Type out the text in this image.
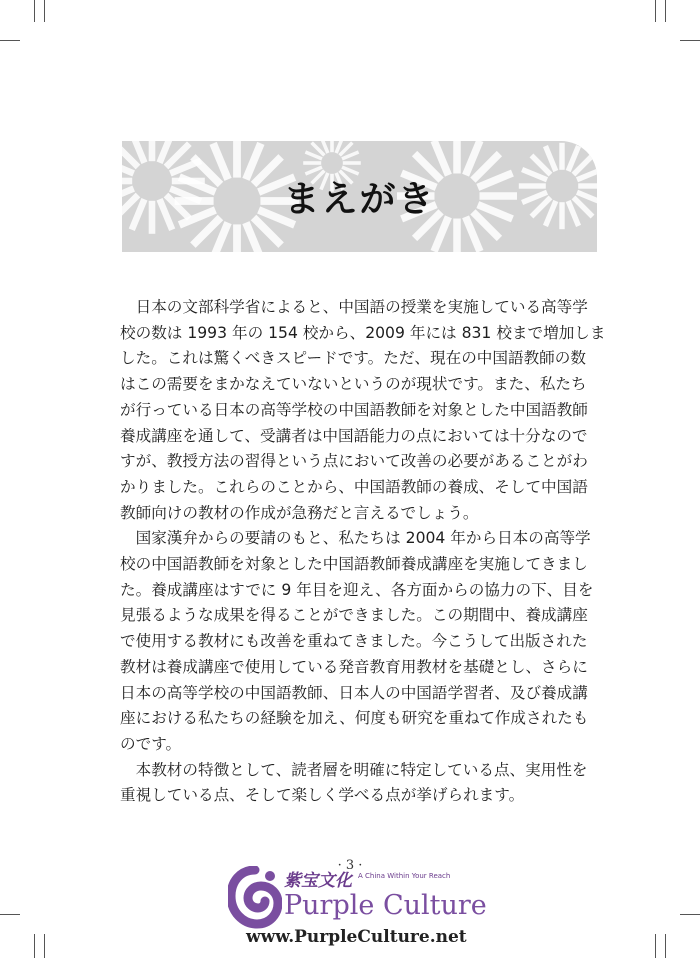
まえがき

　日本の文部科学省によると、中国語の授業を実施している高等学
校の数は 1993 年の 154 校から、2009 年には 831 校まで増加しま
した。これは驚くべきスピードです。ただ、現在の中国語教師の数
はこの需要をまかなえていないというのが現状です。また、私たち
が行っている日本の高等学校の中国語教師を対象とした中国語教師
養成講座を通して、受講者は中国語能力の点においては十分なので
すが、教授方法の習得という点において改善の必要があることがわ
かりました。これらのことから、中国語教師の養成、そして中国語
教師向けの教材の作成が急務だと言えるでしょう。

　国家漢弁からの要請のもと、私たちは 2004 年から日本の高等学
校の中国語教師を対象とした中国語教師養成講座を実施してきまし
た。養成講座はすでに 9 年目を迎え、各方面からの協力の下、目を
見張るような成果を得ることができました。この期間中、養成講座
で使用する教材にも改善を重ねてきました。今こうして出版された
教材は養成講座で使用している発音教育用教材を基礎とし、さらに
日本の高等学校の中国語教師、日本人の中国語学習者、及び養成講
座における私たちの経験を加え、何度も研究を重ねて作成されたも
のです。

　本教材の特徴として、読者層を明確に特定している点、実用性を
重視している点、そして楽しく学べる点が挙げられます。

· 3 ·
紫宝文化 A China Within Your Reach
Purple Culture
www.PurpleCulture.net
